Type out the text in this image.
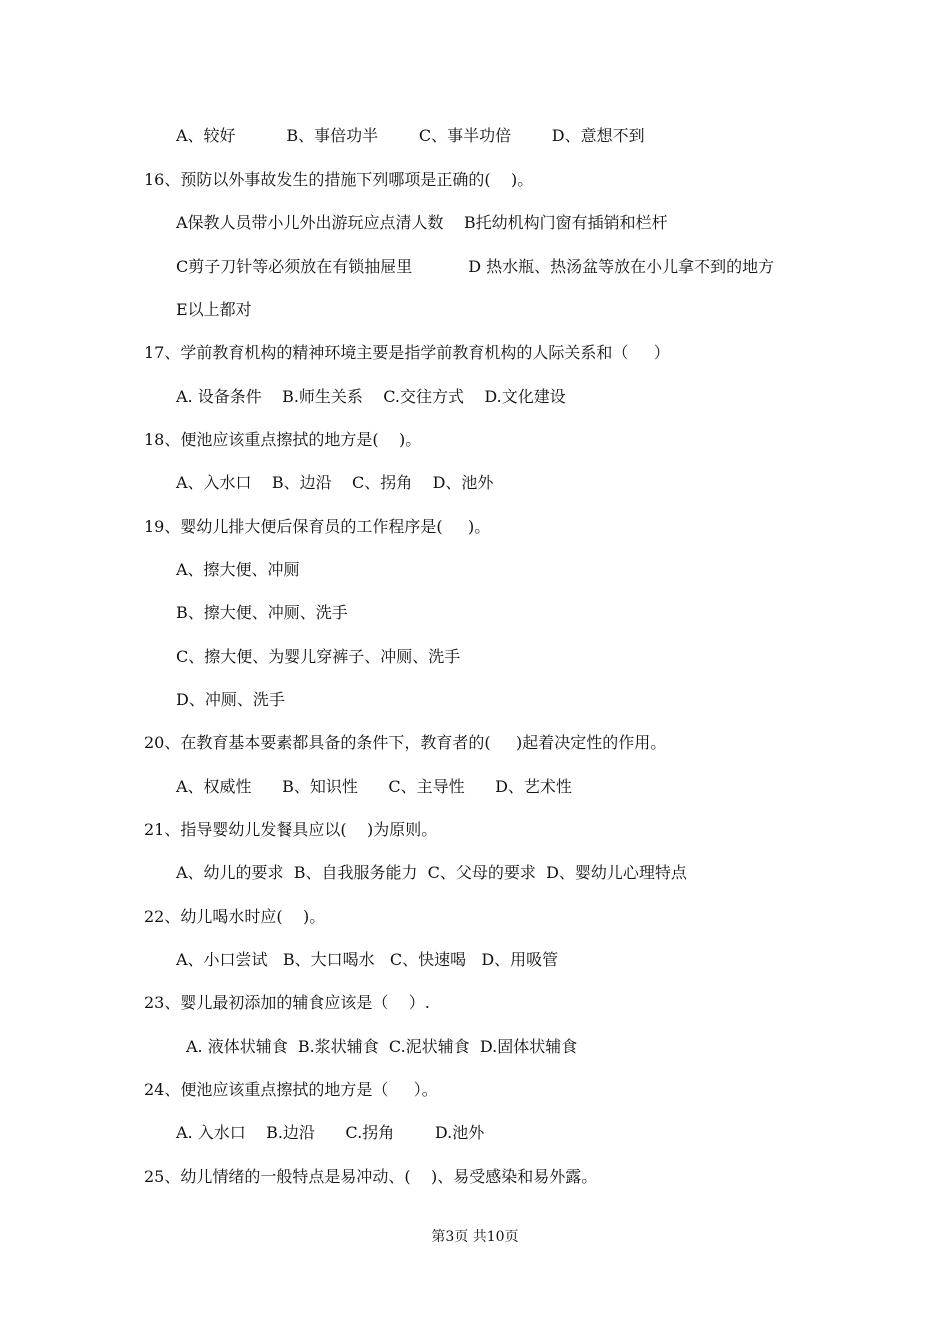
A、较好          B、事倍功半        C、事半功倍        D、意想不到
16、预防以外事故发生的措施下列哪项是正确的(    )。
A保教人员带小儿外出游玩应点清人数    B托幼机构门窗有插销和栏杆
C剪子刀针等必须放在有锁抽屉里           D 热水瓶、热汤盆等放在小儿拿不到的地方
E以上都对
17、学前教育机构的精神环境主要是指学前教育机构的人际关系和（     ）
A. 设备条件    B.师生关系    C.交往方式    D.文化建设
18、便池应该重点擦拭的地方是(    )。
A、入水口    B、边沿    C、拐角    D、池外
19、婴幼儿排大便后保育员的工作程序是(     )。
A、擦大便、冲厕
B、擦大便、冲厕、洗手
C、擦大便、为婴儿穿裤子、冲厕、洗手
D、冲厕、洗手
20、在教育基本要素都具备的条件下，教育者的(     )起着决定性的作用。
A、权威性      B、知识性      C、主导性      D、艺术性
21、指导婴幼儿发餐具应以(    )为原则。
A、幼儿的要求  B、自我服务能力  C、父母的要求  D、婴幼儿心理特点
22、幼儿喝水时应(    )。
A、小口尝试   B、大口喝水   C、快速喝   D、用吸管
23、婴儿最初添加的辅食应该是（    ）.
A. 液体状辅食  B.浆状辅食  C.泥状辅食  D.固体状辅食
24、便池应该重点擦拭的地方是（     ）。
A. 入水口    B.边沿      C.拐角        D.池外
25、幼儿情绪的一般特点是易冲动、(    )、易受感染和易外露。
第3页 共10页
